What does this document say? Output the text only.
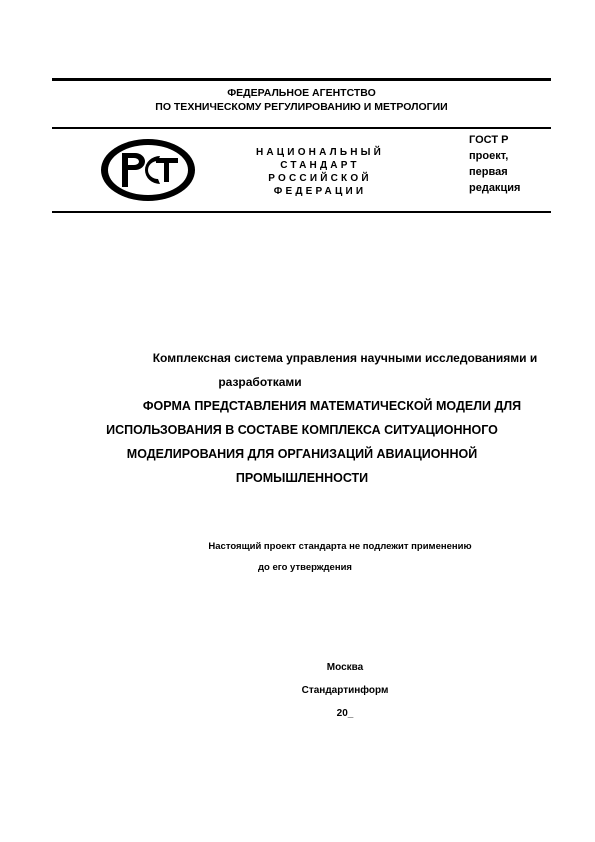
ФЕДЕРАЛЬНОЕ АГЕНТСТВО
ПО ТЕХНИЧЕСКОМУ РЕГУЛИРОВАНИЮ И МЕТРОЛОГИИ
НАЦИОНАЛЬНЫЙ
СТАНДАРТ
РОССИЙСКОЙ
ФЕДЕРАЦИИ
ГОСТ Р
проект,
первая
редакция
Комплексная система управления научными исследованиями и
разработками
ФОРМА ПРЕДСТАВЛЕНИЯ МАТЕМАТИЧЕСКОЙ МОДЕЛИ ДЛЯ
ИСПОЛЬЗОВАНИЯ В СОСТАВЕ КОМПЛЕКСА СИТУАЦИОННОГО
МОДЕЛИРОВАНИЯ ДЛЯ ОРГАНИЗАЦИЙ АВИАЦИОННОЙ
ПРОМЫШЛЕННОСТИ
Настоящий проект стандарта не подлежит применению
до его утверждения
Москва
Стандартинформ
20_
